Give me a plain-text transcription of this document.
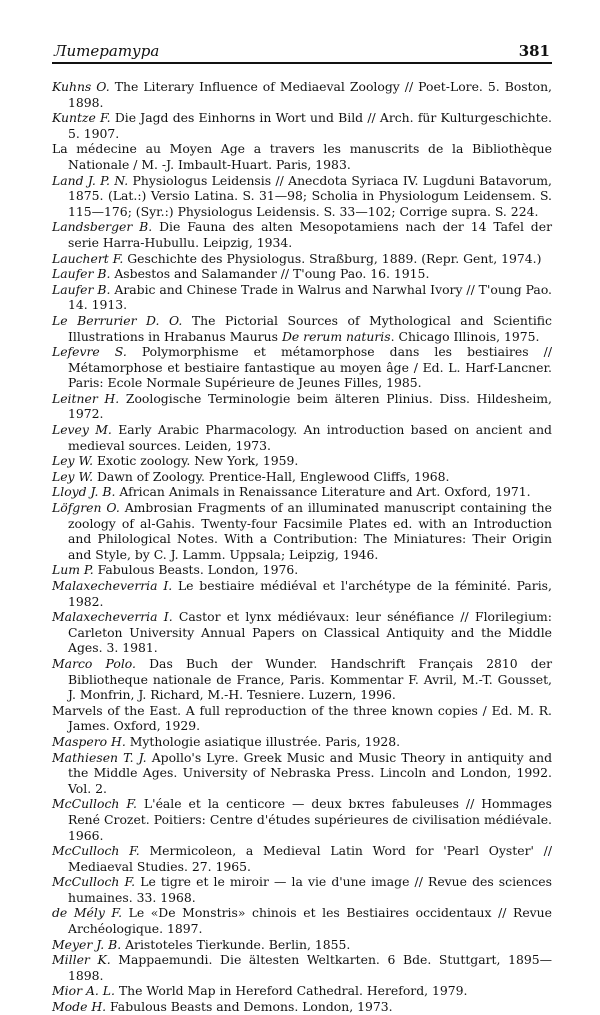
Литература	381

Kuhns O. The Literary Influence of Mediaeval Zoology // Poet-Lore. 5. Boston, 1898.

Kuntze F. Die Jagd des Einhorns in Wort und Bild // Arch. für Kulturgeschichte. 5. 1907.

La médecine au Moyen Age a travers les manuscrits de la Bibliothèque Nationale / M. -J. Imbault-Huart. Paris, 1983.

Land J. P. N. Physiologus Leidensis // Anecdota Syriaca IV. Lugduni Batavorum, 1875. (Lat.:) Versio Latina. S. 31—98; Scholia in Physiologum Leidensem. S. 115—176; (Syr.:) Physiologus Leidensis. S. 33—102; Corrige supra. S. 224.

Landsberger B. Die Fauna des alten Mesopotamiens nach der 14 Tafel der serie Harra-Hubullu. Leipzig, 1934.

Lauchert F. Geschichte des Physiologus. Straßburg, 1889. (Repr. Gent, 1974.)

Laufer B. Asbestos and Salamander // T'oung Pao. 16. 1915.

Laufer B. Arabic and Chinese Trade in Walrus and Narwhal Ivory // T'oung Pao. 14. 1913.

Le Berrurier D. O. The Pictorial Sources of Mythological and Scientific Illustrations in Hrabanus Maurus De rerum naturis. Chicago Illinois, 1975.

Lefevre S. Polymorphisme et métamorphose dans les bestiaires // Métamorphose et bestiaire fantastique au moyen âge / Ed. L. Harf-Lancner. Paris: Ecole Normale Supérieure de Jeunes Filles, 1985.

Leitner H. Zoologische Terminologie beim älteren Plinius. Diss. Hildesheim, 1972.

Levey M. Early Arabic Pharmacology. An introduction based on ancient and medieval sources. Leiden, 1973.

Ley W. Exotic zoology. New York, 1959.

Ley W. Dawn of Zoology. Prentice-Hall, Englewood Cliffs, 1968.

Lloyd J. B. African Animals in Renaissance Literature and Art. Oxford, 1971.

Löfgren O. Ambrosian Fragments of an illuminated manuscript containing the zoology of al-Gahis. Twenty-four Facsimile Plates ed. with an Introduction and Philological Notes. With a Contribution: The Miniatures: Their Origin and Style, by C. J. Lamm. Uppsala; Leipzig, 1946.

Lum P. Fabulous Beasts. London, 1976.

Malaxecheverria I. Le bestiaire médiéval et l'archétype de la féminité. Paris, 1982.

Malaxecheverria I. Castor et lynx médiévaux: leur sénéfiance // Florilegium: Carleton University Annual Papers on Classical Antiquity and the Middle Ages. 3. 1981.

Marco Polo. Das Buch der Wunder. Handschrift Français 2810 der Bibliotheque nationale de France, Paris. Kommentar F. Avril, M.-T. Gousset, J. Monfrin, J. Richard, M.-H. Tesniere. Luzern, 1996.

Marvels of the East. A full reproduction of the three known copies / Ed. M. R. James. Oxford, 1929.

Maspero H. Mythologie asiatique illustrée. Paris, 1928.

Mathiesen T. J. Apollo's Lyre. Greek Music and Music Theory in antiquity and the Middle Ages. University of Nebraska Press. Lincoln and London, 1992. Vol. 2.

McCulloch F. L'éale et la centicore — deux bктes fabuleuses // Hommages René Crozet. Poitiers: Centre d'études supérieures de civilisation médiévale. 1966.

McCulloch F. Mermicoleon, a Medieval Latin Word for 'Pearl Oyster' // Mediaeval Studies. 27. 1965.

McCulloch F. Le tigre et le miroir — la vie d'une image // Revue des sciences humaines. 33. 1968.

de Mély F. Le «De Monstris» chinois et les Bestiaires occidentaux // Revue Archéologique. 1897.

Meyer J. B. Aristoteles Tierkunde. Berlin, 1855.

Miller K. Mappaemundi. Die ältesten Weltkarten. 6 Bde. Stuttgart, 1895—1898.

Mior A. L. The World Map in Hereford Cathedral. Hereford, 1979.

Mode H. Fabulous Beasts and Demons. London, 1973.
